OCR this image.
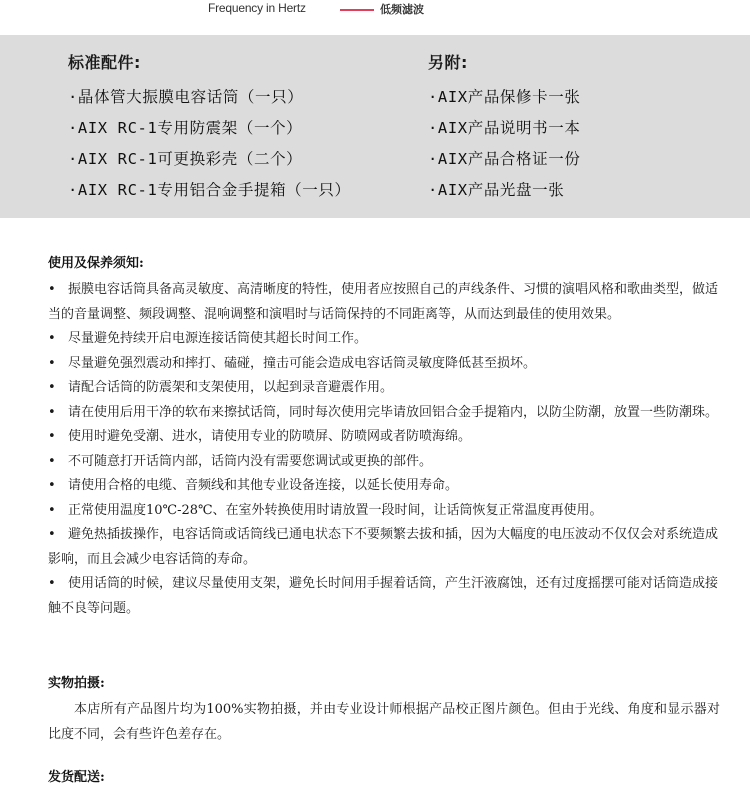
Frequency in Hertz	低频滤波
标准配件:
·晶体管大振膜电容话筒（一只）
·AIX RC-1专用防震架（一个）
·AIX RC-1可更换彩壳（二个）
·AIX RC-1专用铝合金手提箱（一只）
另附:
·AIX产品保修卡一张
·AIX产品说明书一本
·AIX产品合格证一份
·AIX产品光盘一张
使用及保养须知:
• 振膜电容话筒具备高灵敏度、高清晰度的特性，使用者应按照自己的声线条件、习惯的演唱风格和歌曲类型，做适当的音量调整、频段调整、混响调整和演唱时与话筒保持的不同距离等，从而达到最佳的使用效果。
• 尽量避免持续开启电源连接话筒使其超长时间工作。
• 尽量避免强烈震动和摔打、磕碰，撞击可能会造成电容话筒灵敏度降低甚至损坏。
• 请配合话筒的防震架和支架使用，以起到录音避震作用。
• 请在使用后用干净的软布来擦拭话筒，同时每次使用完毕请放回铝合金手提箱内，以防尘防潮，放置一些防潮珠。
• 使用时避免受潮、进水，请使用专业的防喷屏、防喷网或者防喷海绵。
• 不可随意打开话筒内部，话筒内没有需要您调试或更换的部件。
• 请使用合格的电缆、音频线和其他专业设备连接，以延长使用寿命。
• 正常使用温度10℃-28℃、在室外转换使用时请放置一段时间，让话筒恢复正常温度再使用。
• 避免热插拔操作，电容话筒或话筒线已通电状态下不要频繁去拔和插，因为大幅度的电压波动不仅仅会对系统造成影响，而且会减少电容话筒的寿命。
• 使用话筒的时候，建议尽量使用支架，避免长时间用手握着话筒，产生汗液腐蚀，还有过度摇摆可能对话筒造成接触不良等问题。
实物拍摄:

本店所有产品图片均为100%实物拍摄，并由专业设计师根据产品校正图片颜色。但由于光线、角度和显示器对比度不同，会有些许色差存在。

发货配送:
